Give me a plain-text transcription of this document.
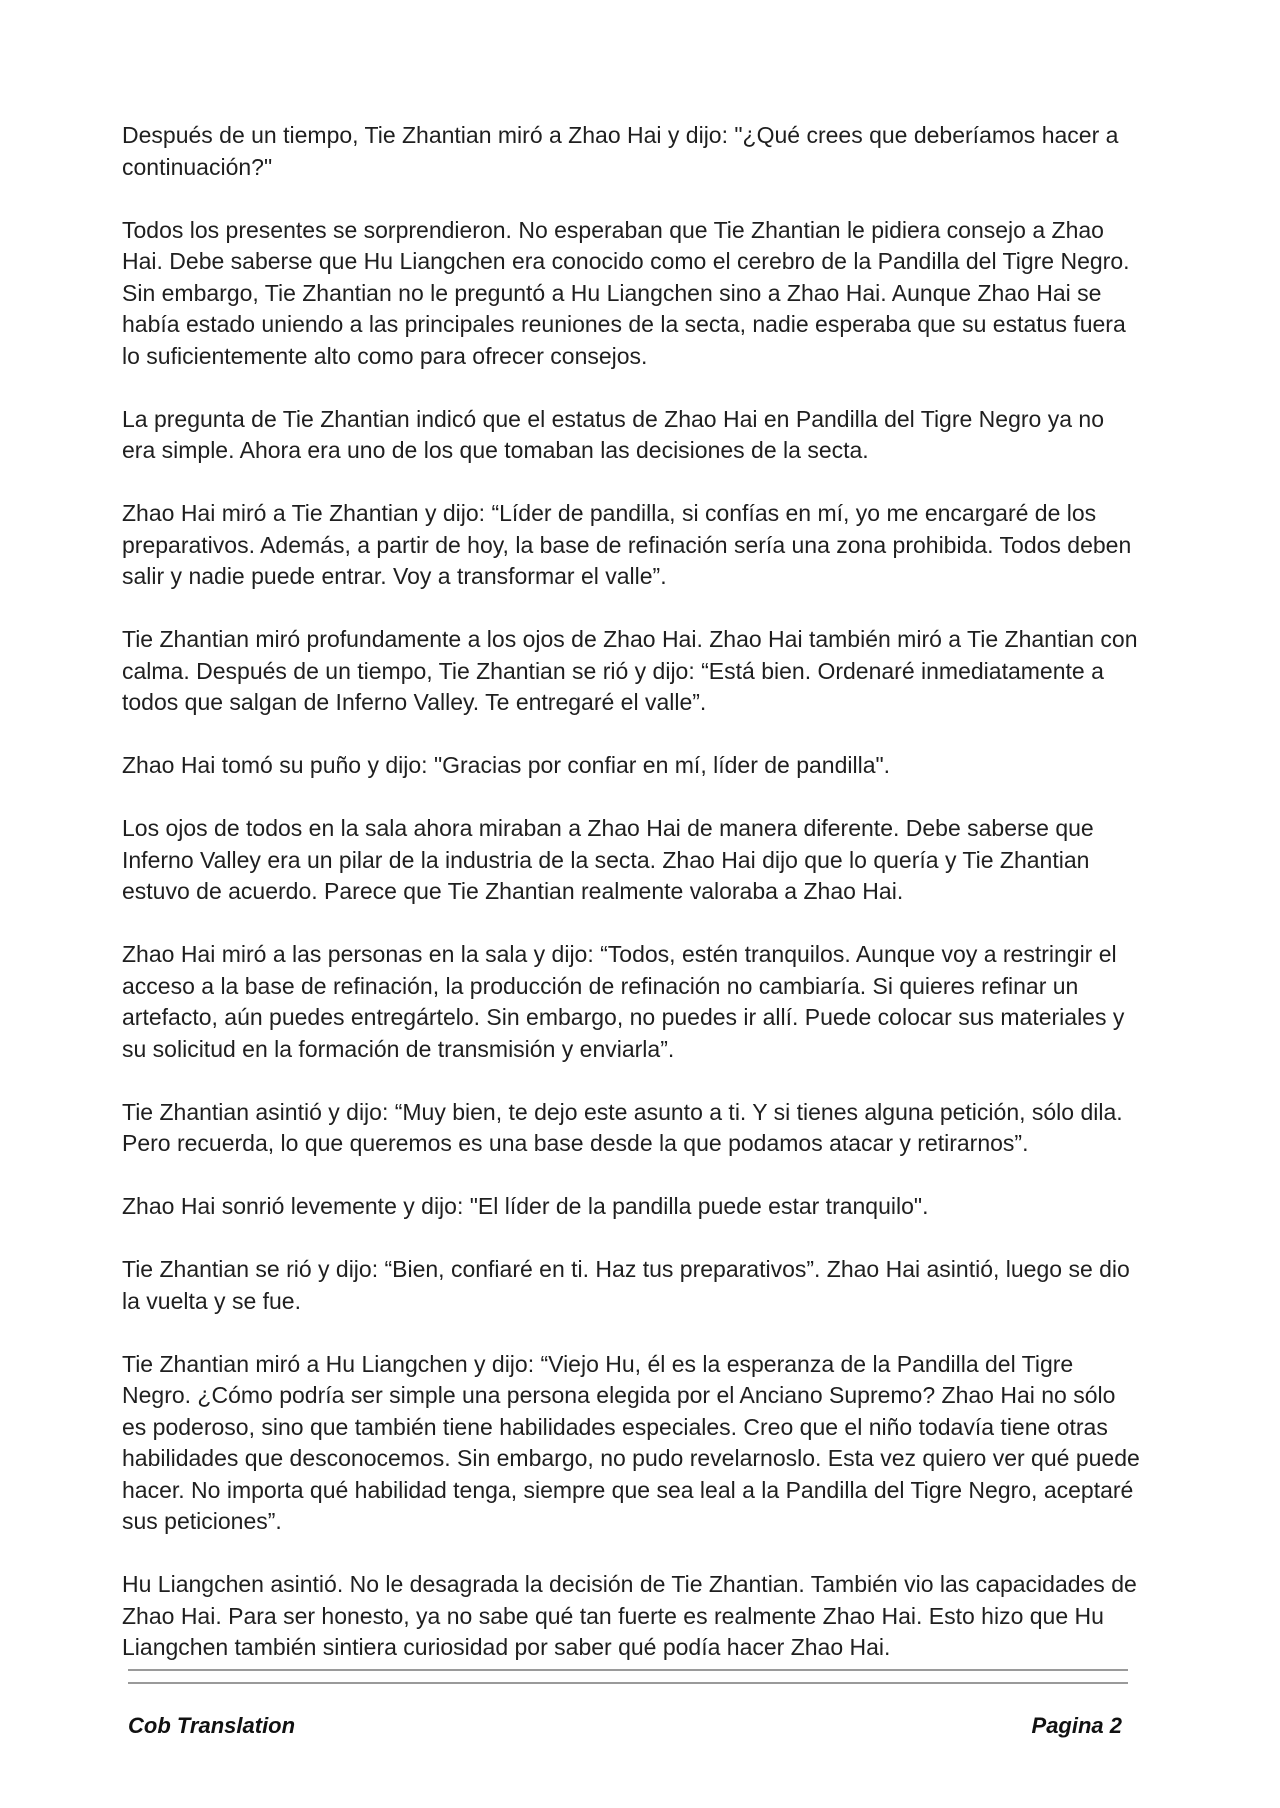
Después de un tiempo, Tie Zhantian miró a Zhao Hai y dijo: "¿Qué crees que deberíamos hacer a continuación?"

Todos los presentes se sorprendieron. No esperaban que Tie Zhantian le pidiera consejo a Zhao Hai. Debe saberse que Hu Liangchen era conocido como el cerebro de la Pandilla del Tigre Negro. Sin embargo, Tie Zhantian no le preguntó a Hu Liangchen sino a Zhao Hai. Aunque Zhao Hai se había estado uniendo a las principales reuniones de la secta, nadie esperaba que su estatus fuera lo suficientemente alto como para ofrecer consejos.

La pregunta de Tie Zhantian indicó que el estatus de Zhao Hai en Pandilla del Tigre Negro ya no era simple. Ahora era uno de los que tomaban las decisiones de la secta.

Zhao Hai miró a Tie Zhantian y dijo: “Líder de pandilla, si confías en mí, yo me encargaré de los preparativos. Además, a partir de hoy, la base de refinación sería una zona prohibida. Todos deben salir y nadie puede entrar. Voy a transformar el valle”.

Tie Zhantian miró profundamente a los ojos de Zhao Hai. Zhao Hai también miró a Tie Zhantian con calma. Después de un tiempo, Tie Zhantian se rió y dijo: “Está bien. Ordenaré inmediatamente a todos que salgan de Inferno Valley. Te entregaré el valle”.

Zhao Hai tomó su puño y dijo: "Gracias por confiar en mí, líder de pandilla".

Los ojos de todos en la sala ahora miraban a Zhao Hai de manera diferente. Debe saberse que Inferno Valley era un pilar de la industria de la secta. Zhao Hai dijo que lo quería y Tie Zhantian estuvo de acuerdo. Parece que Tie Zhantian realmente valoraba a Zhao Hai.

Zhao Hai miró a las personas en la sala y dijo: “Todos, estén tranquilos. Aunque voy a restringir el acceso a la base de refinación, la producción de refinación no cambiaría. Si quieres refinar un artefacto, aún puedes entregártelo. Sin embargo, no puedes ir allí. Puede colocar sus materiales y su solicitud en la formación de transmisión y enviarla”.

Tie Zhantian asintió y dijo: “Muy bien, te dejo este asunto a ti. Y si tienes alguna petición, sólo dila. Pero recuerda, lo que queremos es una base desde la que podamos atacar y retirarnos”.

Zhao Hai sonrió levemente y dijo: "El líder de la pandilla puede estar tranquilo".

Tie Zhantian se rió y dijo: “Bien, confiaré en ti. Haz tus preparativos”. Zhao Hai asintió, luego se dio la vuelta y se fue.

Tie Zhantian miró a Hu Liangchen y dijo: “Viejo Hu, él es la esperanza de la Pandilla del Tigre Negro. ¿Cómo podría ser simple una persona elegida por el Anciano Supremo? Zhao Hai no sólo es poderoso, sino que también tiene habilidades especiales. Creo que el niño todavía tiene otras habilidades que desconocemos. Sin embargo, no pudo revelarnoslo. Esta vez quiero ver qué puede hacer. No importa qué habilidad tenga, siempre que sea leal a la Pandilla del Tigre Negro, aceptaré sus peticiones”.

Hu Liangchen asintió. No le desagrada la decisión de Tie Zhantian. También vio las capacidades de Zhao Hai. Para ser honesto, ya no sabe qué tan fuerte es realmente Zhao Hai. Esto hizo que Hu Liangchen también sintiera curiosidad por saber qué podía hacer Zhao Hai.

Cob Translation	Pagina 2
